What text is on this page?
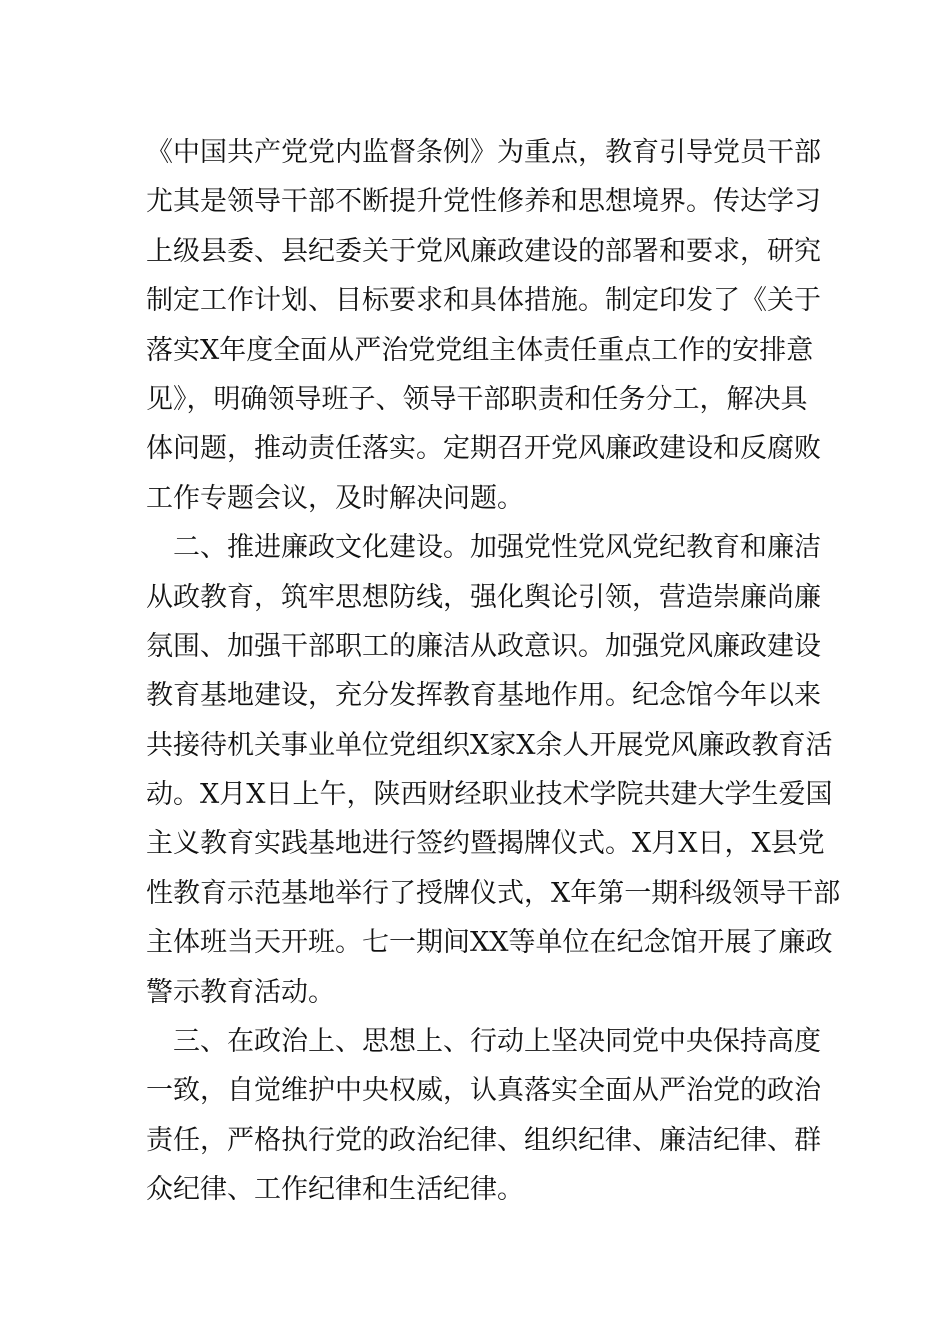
《中国共产党党内监督条例》为重点，教育引导党员干部
尤其是领导干部不断提升党性修养和思想境界。传达学习
上级县委、县纪委关于党风廉政建设的部署和要求，研究
制定工作计划、目标要求和具体措施。制定印发了《关于
落实X年度全面从严治党党组主体责任重点工作的安排意
见》，明确领导班子、领导干部职责和任务分工，解决具
体问题，推动责任落实。定期召开党风廉政建设和反腐败
工作专题会议，及时解决问题。
二、推进廉政文化建设。加强党性党风党纪教育和廉洁
从政教育，筑牢思想防线，强化舆论引领，营造崇廉尚廉
氛围、加强干部职工的廉洁从政意识。加强党风廉政建设
教育基地建设，充分发挥教育基地作用。纪念馆今年以来
共接待机关事业单位党组织X家X余人开展党风廉政教育活
动。X月X日上午，陕西财经职业技术学院共建大学生爱国
主义教育实践基地进行签约暨揭牌仪式。X月X日，X县党
性教育示范基地举行了授牌仪式，X年第一期科级领导干部
主体班当天开班。七一期间XX等单位在纪念馆开展了廉政
警示教育活动。
三、在政治上、思想上、行动上坚决同党中央保持高度
一致，自觉维护中央权威，认真落实全面从严治党的政治
责任，严格执行党的政治纪律、组织纪律、廉洁纪律、群
众纪律、工作纪律和生活纪律。
